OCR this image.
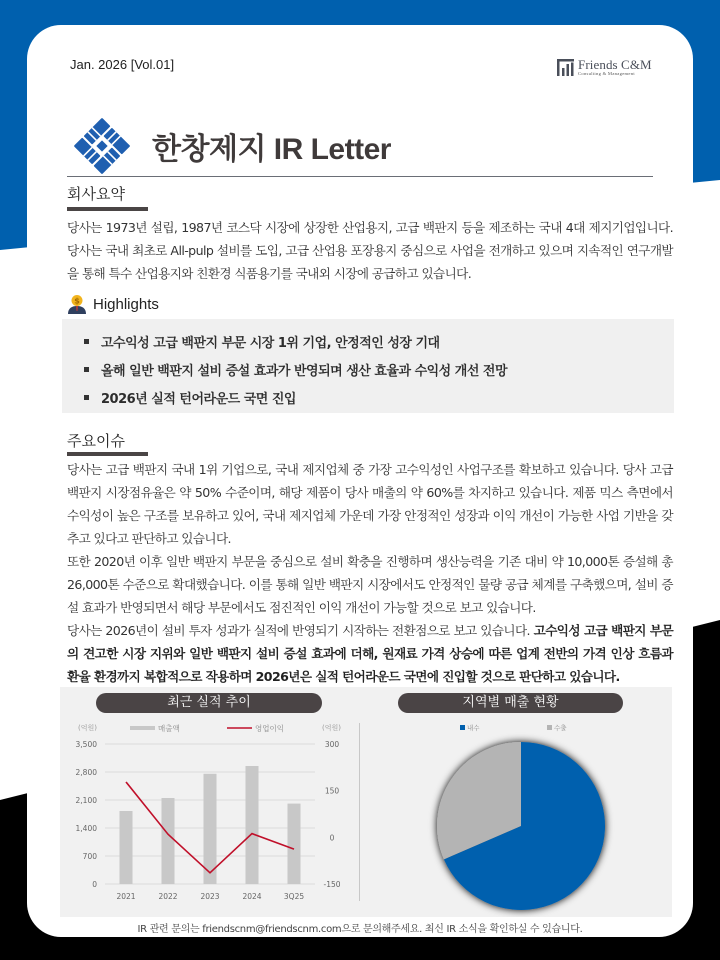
Jan. 2026 [Vol.01]	Friends C&M
Consulting & Management
한창제지 IR Letter
회사요약
당사는 1973년 설립, 1987년 코스닥 시장에 상장한 산업용지, 고급 백판지 등을 제조하는 국내 4대 제지기업입니다. 당사는 국내 최초로 All-pulp 설비를 도입, 고급 산업용 포장용지 중심으로 사업을 전개하고 있으며 지속적인 연구개발을 통해 특수 산업용지와 친환경 식품용기를 국내외 시장에 공급하고 있습니다.
$ Highlights
고수익성 고급 백판지 부문 시장 1위 기업, 안정적인 성장 기대
올해 일반 백판지 설비 증설 효과가 반영되며 생산 효율과 수익성 개선 전망
2026년 실적 턴어라운드 국면 진입
주요이슈
당사는 고급 백판지 국내 1위 기업으로, 국내 제지업체 중 가장 고수익성인 사업구조를 확보하고 있습니다. 당사 고급 백판지 시장점유율은 약 50% 수준이며, 해당 제품이 당사 매출의 약 60%를 차지하고 있습니다. 제품 믹스 측면에서 수익성이 높은 구조를 보유하고 있어, 국내 제지업체 가운데 가장 안정적인 성장과 이익 개선이 가능한 사업 기반을 갖추고 있다고 판단하고 있습니다.
또한 2020년 이후 일반 백판지 부문을 중심으로 설비 확충을 진행하며 생산능력을 기존 대비 약 10,000톤 증설해 총 26,000톤 수준으로 확대했습니다. 이를 통해 일반 백판지 시장에서도 안정적인 물량 공급 체계를 구축했으며, 설비 증설 효과가 반영되면서 해당 부문에서도 점진적인 이익 개선이 가능할 것으로 보고 있습니다.
당사는 2026년이 설비 투자 성과가 실적에 반영되기 시작하는 전환점으로 보고 있습니다. 고수익성 고급 백판지 부문의 견고한 시장 지위와 일반 백판지 설비 증설 효과에 더해, 원재료 가격 상승에 따른 업계 전반의 가격 인상 흐름과 환율 환경까지 복합적으로 작용하며 2026년은 실적 턴어라운드 국면에 진입할 것으로 판단하고 있습니다.
최근 실적 추이	지역별 매출 현황
(억원)	(억원)
매출액	영업이익
3,500
2,800
2,100
1,400
700
0
300
150
0
-150
2021	2022	2023	2024	3Q25
내수	수출
IR 관련 문의는 friendscnm@friendscnm.com으로 문의해주세요. 최신 IR 소식을 확인하실 수 있습니다.
